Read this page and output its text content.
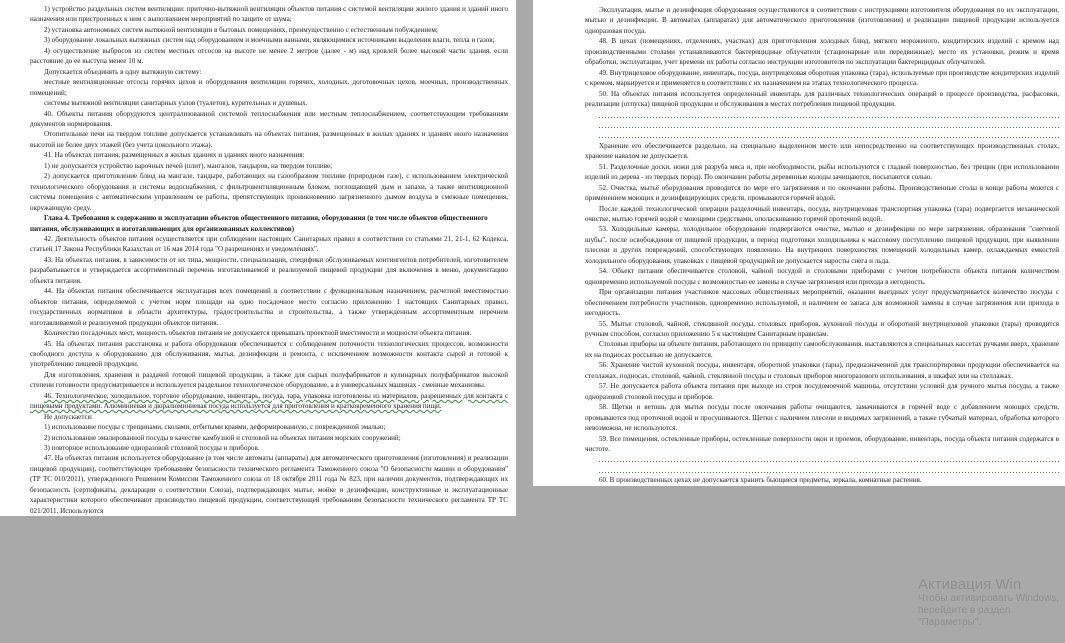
1) устройство раздельных систем вентиляции: приточно-вытяжной вентиляции объектов питания с системой вентиляции жилого здания и зданий иного назначения или пристроенных к ним с выполнением мероприятий по защите от шума;

2) установка автономных систем вытяжной вентиляции в бытовых помещениях, преимущественно с естественным побуждением;

3) оборудование локальных вытяжных систем над оборудованием и моечными ваннами, являющимися источниками выделения влаги, тепла и газов;

4) осуществление выбросов из систем местных отсосов на высоте не менее 2 метров (далее - м) над кровлей более высокой части здания, если расстояние до ее выступа менее 10 м.

Допускается объединять в одну вытяжную систему:

местные вентиляционные отсосы горячих цехов и оборудования вентиляции горячих, холодных, доготовочных цехов, моечных, производственных помещений;

системы вытяжной вентиляции санитарных узлов (туалетов), курительных и душевых.

40. Объекты питания оборудуются централизованной системой теплоснабжения или местным теплоснабжением, соответствующим требованиям документов нормирования.

Отопительные печи на твердом топливе допускается устанавливать на объектах питания, размещенных в жилых зданиях и зданиях иного назначения высотой не более двух этажей (без учета цокольного этажа).

41. На объектах питания, размещенных в жилых зданиях и зданиях иного назначения:

1) не допускается устройство варочных печей (плит), мангалов, тандыров, на твердом топливе;

2) допускается приготовление блюд на мангале, тандыре, работающих на газообразном топливе (природном газе), с использованием электрической технологического оборудования и системы водоснабжения, с фильтровентиляционным блоком, поглощающей дым и запахи, а также вентиляционной системы помещения с автоматическим управлением ее работы, препятствующих проникновению загрязненного дымом воздуха в смежные помещения, окружающую среду.

Глава 4. Требования к содержанию и эксплуатации объектов общественного питания, оборудования (в том числе объектов общественного питания, обслуживающих и изготавливающих для организованных коллективов)

42. Деятельность объектов питания осуществляется при соблюдении настоящих Санитарных правил в соответствии со статьями 21, 21-1, 62 Кодекса, статьей 17 Закона Республики Казахстан от 16 мая 2014 года "О разрешениях и уведомлениях".

43. На объектах питания, в зависимости от их типа, мощности, специализации, специфики обслуживаемых контингентов потребителей, изготовителем разрабатывается и утверждается ассортиментный перечень изготавливаемой и реализуемой пищевой продукции для включения в меню, документацию объекта питания.

44. На объектах питания обеспечивается эксплуатация всех помещений в соответствии с функциональным назначением, расчетной вместимостью объектов питания, определяемой с учетом норм площади на одно посадочное место согласно приложению 1 настоящих Санитарных правил, государственных нормативов в области архитектуры, градостроительства и строительства, а также утвержденным ассортиментным перечнем изготавливаемой и реализуемой продукции объектов питания.

Количество посадочных мест, мощность объектов питания не допускается превышать проектной вместимости и мощности объекта питания.

45. На объектах питания расстановка и работа оборудования обеспечивается с соблюдением поточности технологических процессов, возможности свободного доступа к оборудованию для обслуживания, мытья, дезинфекции и ремонта, с исключением возможности контакта сырой и готовой к употреблению пищевой продукции.

Для изготовления, хранения и раздачей готовой пищевой продукции, а также для сырых полуфабрикатов и кулинарных полуфабрикатов высокой степени готовности предусматривается и используется раздельное технологическое оборудование, а в универсальных машинах - сменные механизмы.

46. Технологическое, холодильное, торговое оборудование, инвентарь, посуда, тара, упаковка изготовлены из материалов, разрешенных для контакта с пищевыми продуктами. Алюминиевая и дюралюминиевая посуда используется для приготовления и кратковременного хранения пищи.

Не допускается:

1) использование посуды с трещинами, сколами, отбитыми краями, деформированную, с поврежденной эмалью;

2) использование эмалированной посуды в качестве камбузной и столовой на объектах питания морских сооружений;

3) повторное использование одноразовой столовой посуды и приборов.

47. На объектах питания используется оборудование (в том числе автоматы (аппараты) для автоматического приготовления (изготовления) и реализации пищевой продукции), соответствующее требованиям безопасности технического регламента Таможенного союза "О безопасности машин и оборудования" (ТР ТС 010/2011), утвержденного Решением Комиссии Таможенного союза от 18 октября 2011 года № 823, при наличии документов, подтверждающих их безопасность (сертификаты, декларации о соответствии Союза), подтверждающих мытье, мойке и дезинфекции, конструктивные и эксплуатационные характеристики которого обеспечивают производство пищевой продукции, соответствующей требованиям безопасности технического регламента ТР ТС 021/2011. Используются

Эксплуатация, мытье и дезинфекция оборудования осуществляются в соответствии с инструкциями изготовителя оборудования по их эксплуатации, мытью и дезинфекции. В автоматах (аппаратах) для автоматического приготовления (изготовления) и реализации пищевой продукции используется одноразовая посуда.

48. В цехах (помещениях, отделениях, участках) для приготовления холодных блюд, мягкого мороженого, кондитерских изделий с кремом над производственными столами устанавливаются бактерицидные облучатели (стационарные или передвижные), место их установки, режим и время обработки, эксплуатации, учет времени их работы согласно инструкции изготовителя по эксплуатации бактерицидных облучателей.

49. Внутрицеховое оборудование, инвентарь, посуда, внутрицеховая оборотная упаковка (тара), используемые при производстве кондитерских изделий с кремом, маркируется и применяется в соответствии с их назначением на этапах технологического процесса.

50. На объектах питания используется определенный инвентарь для различных технологических операций в процессе производства, расфасовки, реализации (отпуска) пищевой продукции и обслуживания в местах потребления пищевой продукции.

Хранение его обеспечивается раздельно, на специально выделенном месте или непосредственно на соответствующих производственных столах, хранение навалом не допускается.

51. Разделочные доски, ножи для разруба мяса и, при необходимости, рыбы используются с гладкой поверхностью, без трещин (при использовании изделий из дерева - из твердых пород). По окончании работы деревянные колоды зачищаются, посыпаются солью.

52. Очистка, мытьё оборудования проводится по мере его загрязнения и по окончании работы. Производственные столы в конце работы моются с применением моющих и дезинфицирующих средств, промываются горячей водой.

После каждой технологической операции разделочный инвентарь, посуда, внутрицеховая транспортная упаковка (тара) подвергается механической очистке, мытью горячей водой с моющими средствами, ополаскиванию горячей проточной водой.

53. Холодильные камеры, холодильное оборудование подвергаются очистке, мытью и дезинфекции по мере загрязнения, образования "снеговой шубы", после освобождения от пищевой продукции, в период подготовки холодильника к массовому поступлению пищевой продукции, при выявлении плесени и других повреждений, способствующих появлению. На внутренних поверхностях помещений холодильных камер, охлаждаемых емкостей холодильного оборудования, упаковках с пищевой продукцией не допускается наросты снега и льда.

54. Объект питания обеспечивается столовой, чайной посудой и столовыми приборами с учетом потребности объекта питания количеством одновременно используемой посуды с возможностью ее замены в случае загрязнения или прихода в негодность.

При организации питания участников массовых общественных мероприятий, оказании выездных услуг предусматривается количество посуды с обеспечением потребности участников, одновременно используемой, и наличием ее запаса для возможной замены в случае загрязнения или прихода в негодность.

55. Мытье столовой, чайной, стеклянной посуды, столовых приборов, кухонной посуды и оборотной внутрицеховой упаковки (тары) проводится ручным способом, согласно приложению 5 к настоящим Санитарным правилам.

Столовые приборы на объекте питания, работающего по принципу самообслуживания, выставляются в специальных кассетах ручками вверх, хранение их на подносах россыпью не допускается.

56. Хранение чистой кухонной посуды, инвентаря, оборотной упаковки (тары), предназначенной для транспортировки продукции обеспечивается на стеллажах, подносах, столовой, чайной, стеклянной посуды и столовых приборов многоразового использования, в шкафах или на стеллажах.

57. Не допускается работа объекта питания при выходе из строя посудомоечной машины, отсутствии условий для ручного мытья посуды, а также одноразовой столовой посуды и приборов.

58. Щетки и ветошь для мытья посуды после окончания работы очищаются, замачиваются в горячей воде с добавлением моющих средств, промываются под проточной водой и просушиваются. Щетки с наличием плесени и видимых загрязнений, а также губчатый материал, обработка которого невозможна, не используются.

59. Все помещения, остекленные приборы, остекленные поверхности окон и проемов, оборудование, инвентарь, посуда объекта питания содержатся в чистоте.

60. В производственных цехах не допускается хранить бьющиеся предметы, зеркала, комнатные растения.

Активация Win
Чтобы активировать Windows, перейдите в раздел "Параметры".
